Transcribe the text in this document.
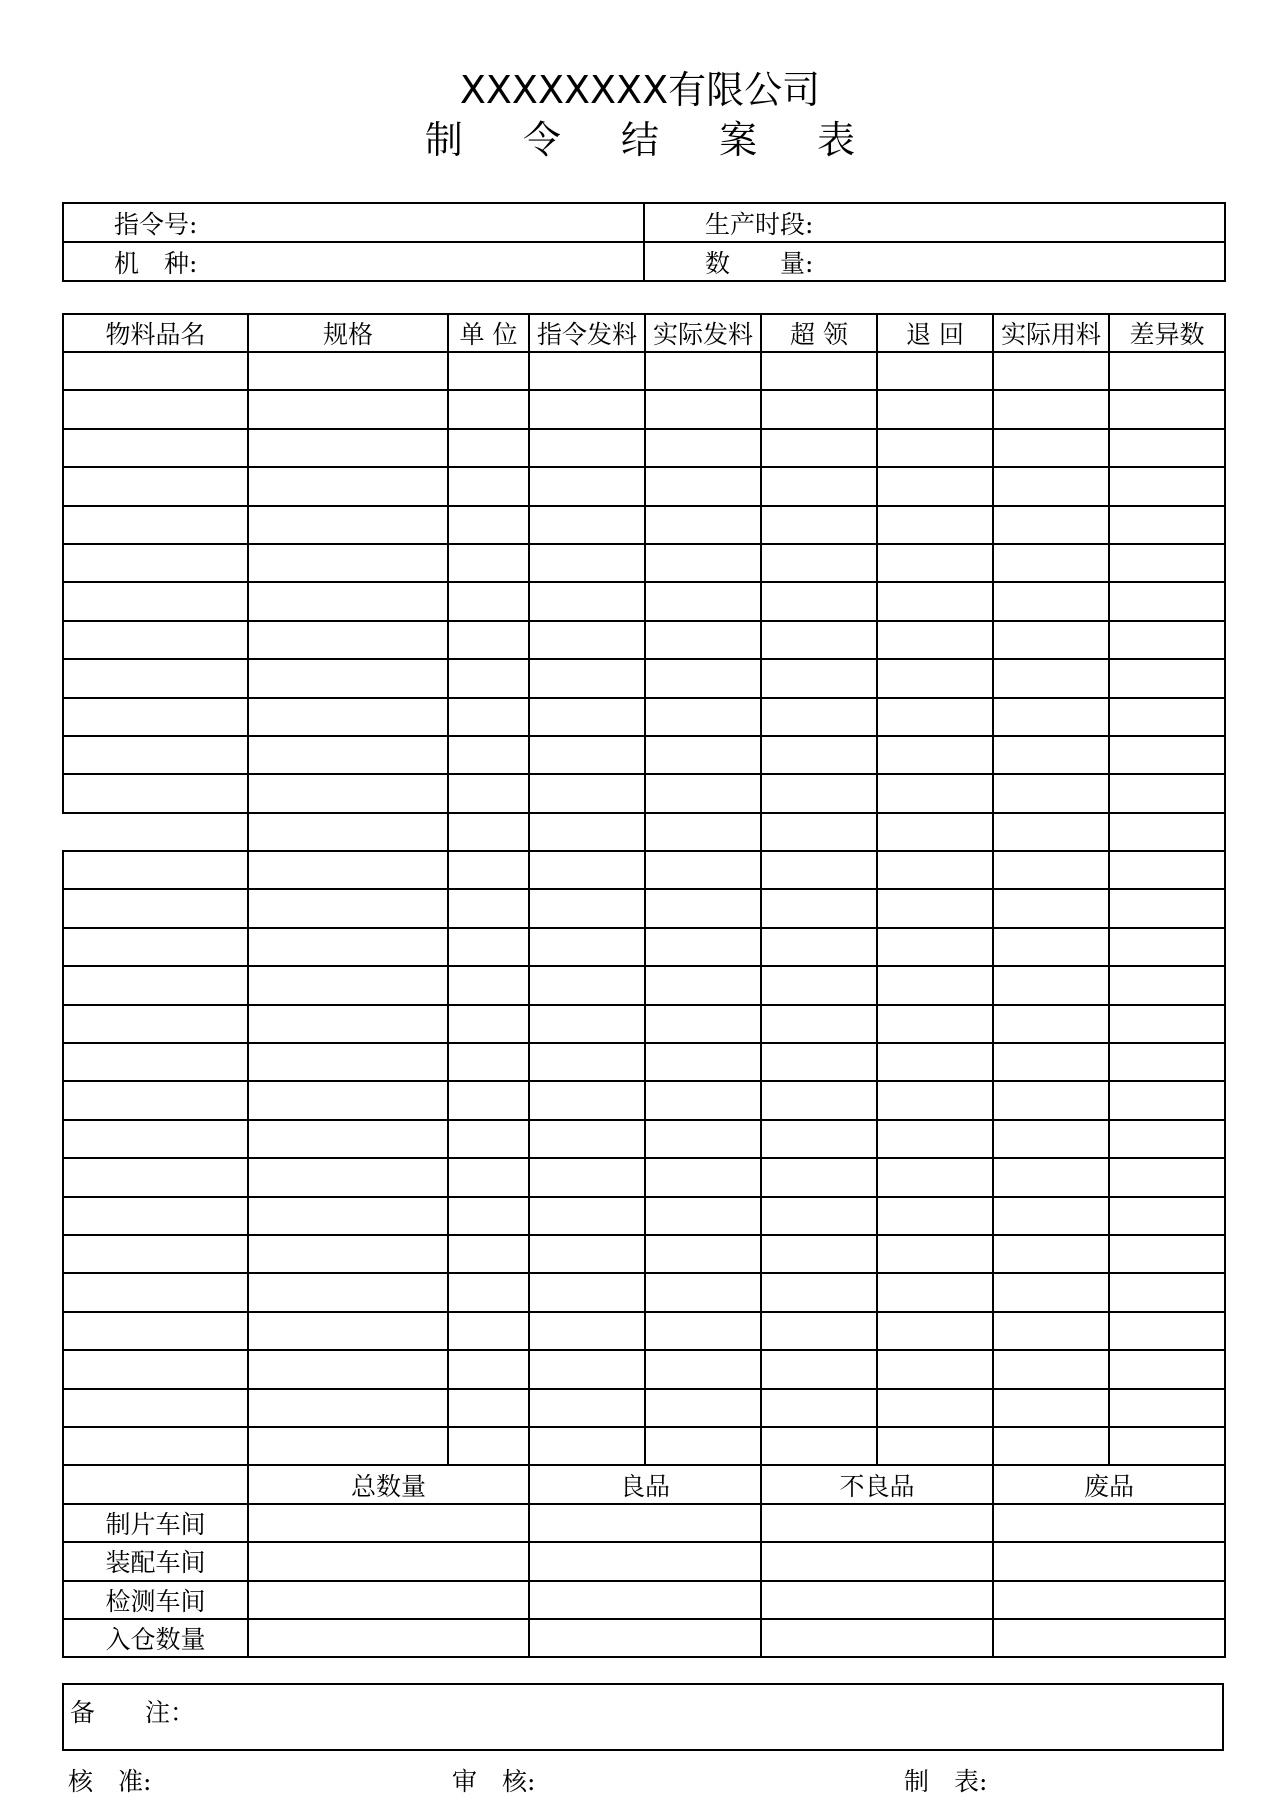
XXXXXXXX有限公司
制 令 结 案 表
指令号:	生产时段:
机　种:	数　　量:
物料品名	规格	单 位	指令发料	实际发料	超 领	退 回	实际用料	差异数

	总数量		良品		不良品		废品	
制片车间								
装配车间								
检测车间								
入仓数量								
备　　注：
核　准:	审　核:	制　表:
